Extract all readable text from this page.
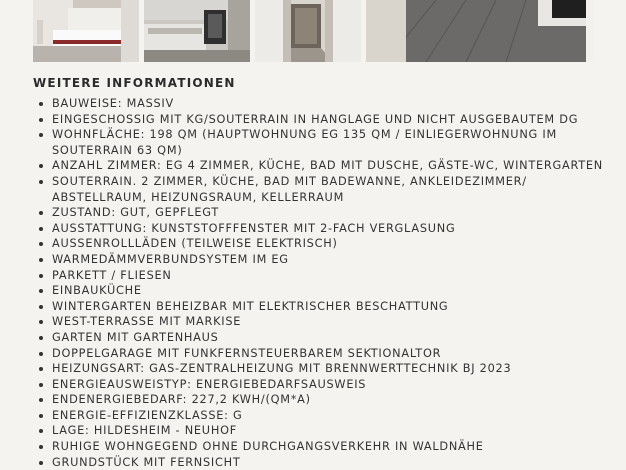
WEITERE INFORMATIONEN
BAUWEISE: MASSIV
EINGESCHOSSIG MIT KG/SOUTERRAIN IN HANGLAGE UND NICHT AUSGEBAUTEM DG
WOHNFLÄCHE: 198 QM (HAUPTWOHNUNG EG 135 QM / EINLIEGERWOHNUNG IM SOUTERRAIN 63 QM)
ANZAHL ZIMMER: EG 4 ZIMMER, KÜCHE, BAD MIT DUSCHE, GÄSTE-WC, WINTERGARTEN
SOUTERRAIN. 2 ZIMMER, KÜCHE, BAD MIT BADEWANNE, ANKLEIDEZIMMER/ ABSTELLRAUM, HEIZUNGSRAUM, KELLERRAUM
ZUSTAND: GUT, GEPFLEGT
AUSSTATTUNG: KUNSTSTOFFFENSTER MIT 2-FACH VERGLASUNG
AUSSENROLLLÄDEN (TEILWEISE ELEKTRISCH)
WARMEDÄMMVERBUNDSYSTEM IM EG
PARKETT / FLIESEN
EINBAUKÜCHE
WINTERGARTEN BEHEIZBAR MIT ELEKTRISCHER BESCHATTUNG
WEST-TERRASSE MIT MARKISE
GARTEN MIT GARTENHAUS
DOPPELGARAGE MIT FUNKFERNSTEUERBAREM SEKTIONALTOR
HEIZUNGSART: GAS-ZENTRALHEIZUNG MIT BRENNWERTTECHNIK BJ 2023
ENERGIEAUSWEISTYP: ENERGIEBEDARFSAUSWEIS
ENDENERGIEBEDARF: 227,2 KWH/(QM*A)
ENERGIE-EFFIZIENZKLASSE: G
LAGE: HILDESHEIM - NEUHOF
RUHIGE WOHNGEGEND OHNE DURCHGANGSVERKEHR IN WALDNÄHE
GRUNDSTÜCK MIT FERNSICHT
